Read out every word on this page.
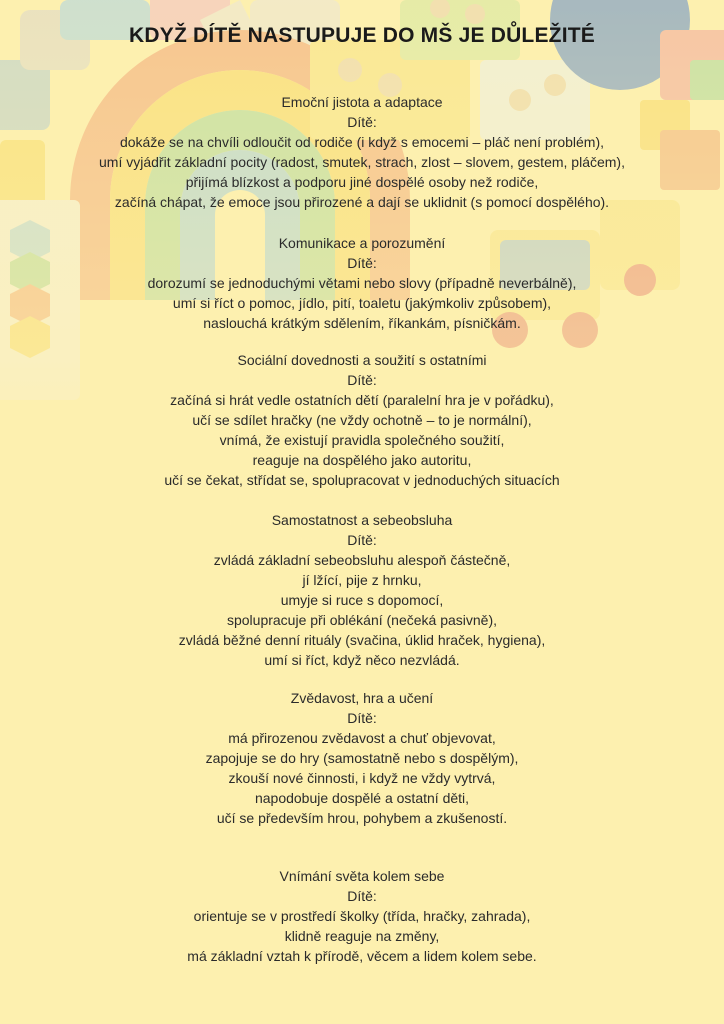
KDYŽ DÍTĚ NASTUPUJE DO MŠ JE DŮLEŽITÉ

Emoční jistota a adaptace

Dítě:

dokáže se na chvíli odloučit od rodiče (i když s emocemi – pláč není problém),

umí vyjádřit základní pocity (radost, smutek, strach, zlost – slovem, gestem, pláčem),

přijímá blízkost a podporu jiné dospělé osoby než rodiče,

začíná chápat, že emoce jsou přirozené a dají se uklidnit (s pomocí dospělého).

Komunikace a porozumění

Dítě:

dorozumí se jednoduchými větami nebo slovy (případně neverbálně),

umí si říct o pomoc, jídlo, pití, toaletu (jakýmkoliv způsobem),

naslouchá krátkým sdělením, říkankám, písničkám.

Sociální dovednosti a soužití s ostatními

Dítě:

začíná si hrát vedle ostatních dětí (paralelní hra je v pořádku),

učí se sdílet hračky (ne vždy ochotně – to je normální),

vnímá, že existují pravidla společného soužití,

reaguje na dospělého jako autoritu,

učí se čekat, střídat se, spolupracovat v jednoduchých situacích

Samostatnost a sebeobsluha

Dítě:

zvládá základní sebeobsluhu alespoň částečně,

jí lžící, pije z hrnku,

umyje si ruce s dopomocí,

spolupracuje při oblékání (nečeká pasivně),

zvládá běžné denní rituály (svačina, úklid hraček, hygiena),

umí si říct, když něco nezvládá.

Zvědavost, hra a učení

Dítě:

má přirozenou zvědavost a chuť objevovat,

zapojuje se do hry (samostatně nebo s dospělým),

zkouší nové činnosti, i když ne vždy vytrvá,

napodobuje dospělé a ostatní děti,

učí se především hrou, pohybem a zkušeností.

Vnímání světa kolem sebe

Dítě:

orientuje se v prostředí školky (třída, hračky, zahrada),

klidně reaguje na změny,

má základní vztah k přírodě, věcem a lidem kolem sebe.
